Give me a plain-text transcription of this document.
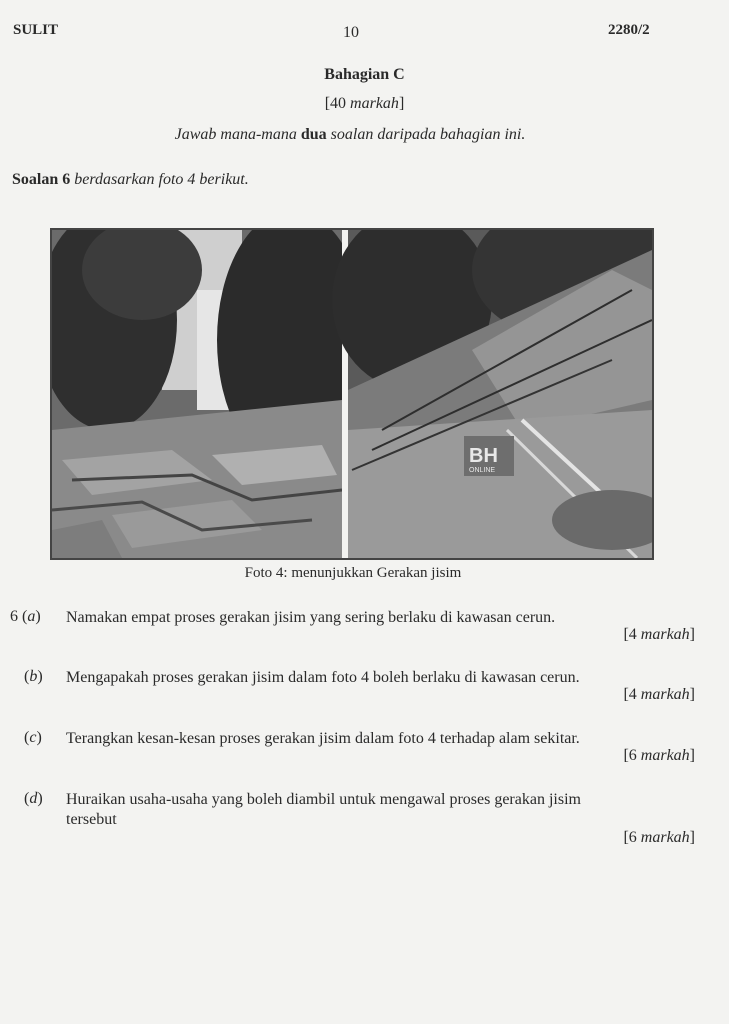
SULIT	10	2280/2
Bahagian C
[40 markah]
Jawab mana-mana dua soalan daripada bahagian ini.
Soalan 6 berdasarkan foto 4 berikut.
BH
ONLINE
Foto 4: menunjukkan Gerakan jisim
6 (a) Namakan empat proses gerakan jisim yang sering berlaku di kawasan cerun.
[4 markah]
(b) Mengapakah proses gerakan jisim dalam foto 4 boleh berlaku di kawasan cerun.
[4 markah]
(c) Terangkan kesan-kesan proses gerakan jisim dalam foto 4 terhadap alam sekitar.
[6 markah]
(d) Huraikan usaha-usaha yang boleh diambil untuk mengawal proses gerakan jisim
tersebut
[6 markah]
